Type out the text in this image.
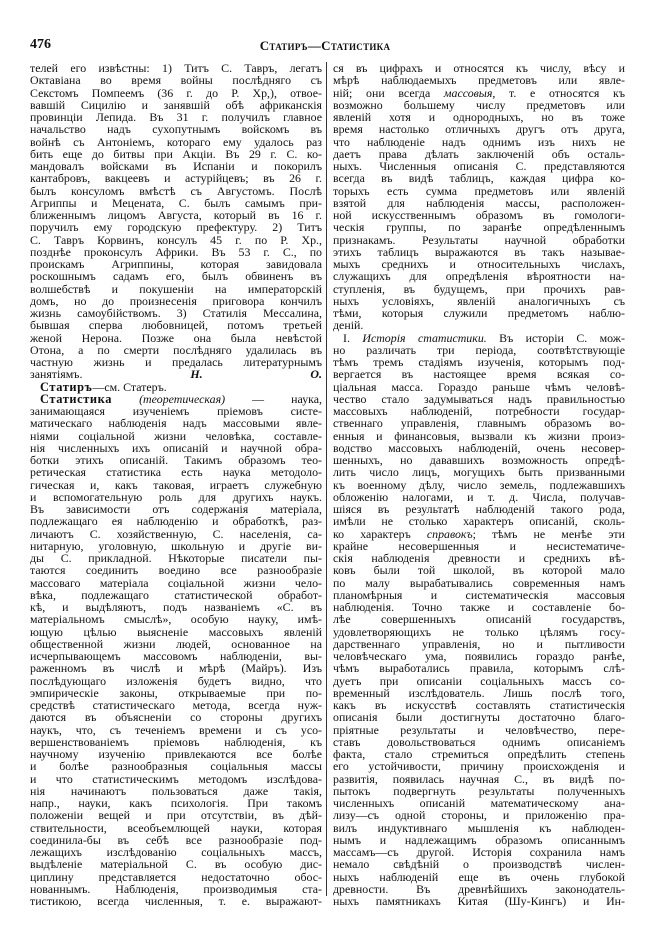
476	Статиръ—Статистика
телей его извѣстны: 1) Титъ С. Тавръ, легатъ
Октавіана во время войны послѣдняго съ
Секстомъ Помпеемъ (36 г. до Р. Хр,), отвое-
вавшій Сицилію и занявшій обѣ африканскія
провинціи Лепида. Въ 31 г. получилъ главное
начальство надъ сухопутнымъ войскомъ въ
войнѣ съ Антоніемъ, котораго ему удалось раз
бить еще до битвы при Акціи. Въ 29 г. С. ко-
мандовалъ войсками въ Испаніи и покорилъ
кантабровъ, вакцеевъ и астурійцевъ; въ 26 г.
былъ консуломъ вмѣстѣ съ Августомъ. Послѣ
Агриппы и Мецената, С. былъ самымъ при-
ближеннымъ лицомъ Августа, который въ 16 г.
поручилъ ему городскую префектуру. 2) Титъ
С. Тавръ Корвинъ, консулъ 45 г. по Р. Хр.,
позднѣе проконсулъ Африки. Въ 53 г. С., по
проискамъ Агриппины, которая завидовала
роскошнымъ садамъ его, былъ обвиненъ въ
волшебствѣ и покушеніи на императорскій
домъ, но до произнесенія приговора кончилъ
жизнь самоубійствомъ. 3) Статилія Мессалина,
бывшая сперва любовницей, потомъ третьей
женой Нерона. Позже она была невѣстой
Отона, а по смерти послѣдняго удалилась въ
частную жизнь и предалась литературнымъ
занятіямъ.	Н. О.
Статиръ—см. Статеръ.
Статистика (теоретическая) — наука,
занимающаяся изученіемъ пріемовъ систе-
матическаго наблюденія надъ массовыми явле-
ніями соціальной жизни человѣка, составле-
нія численныхъ ихъ описаній и научной обра-
ботки этихъ описаній. Такимъ образомъ тео-
ретическая статистика есть наука методоло-
гическая и, какъ таковая, играетъ служебную
и вспомогательную роль для другихъ наукъ.
Въ зависимости отъ содержанія матеріала,
подлежащаго ея наблюденію и обработкѣ, раз-
личаютъ С. хозяйственную, С. населенія, са-
нитарную, уголовную, школьную и другіе ви-
ды С. прикладной. Нѣкоторые писатели пы-
таются соединить воедино все разнообразіе
массоваго матеріала соціальной жизни чело-
вѣка, подлежащаго статистической обработ-
кѣ, и выдѣляютъ, подъ названіемъ «С. въ
матеріальномъ смыслѣ», особую науку, имѣ-
ющую цѣлью выясненіе массовыхъ явленій
общественной жизни людей, основанное на
исчерпывающемъ массовомъ наблюденіи, вы-
раженномъ въ числѣ и мѣрѣ (Майръ). Изъ
послѣдующаго изложенія будетъ видно, что
эмпирическіе законы, открываемые при по-
средствѣ статистическаго метода, всегда нуж-
даются въ объясненіи со стороны другихъ
наукъ, что, съ теченіемъ времени и съ усо-
вершенствованіемъ пріемовъ наблюденія, къ
научному изученію привлекаются все болѣе
и болѣе разнообразныя соціальныя массы
и что статистическимъ методомъ изслѣдова-
нія начинаютъ пользоваться даже такія,
напр., науки, какъ психологія. При такомъ
положеніи вещей и при отсутствіи, въ дѣй-
ствительности, всеобъемлющей науки, которая
соединила-бы въ себѣ все разнообразіе под-
лежащихъ изслѣдованію соціальныхъ массъ,
выдѣленіе матеріальной С. въ особую дис-
циплину представляется недостаточно обос-
нованнымъ. Наблюденія, производимыя ста-
тистикою, всегда численныя, т. е. выражают-
ся въ цифрахъ и относятся къ числу, вѣсу и
мѣрѣ наблюдаемыхъ предметовъ или явле-
ній; они всегда массовыя, т. е относятся къ
возможно большему числу предметовъ или
явленій хотя и однородныхъ, но въ тоже
время настолько отличныхъ другъ отъ друга,
что наблюденіе надъ однимъ изъ нихъ не
даетъ права дѣлать заключеній объ осталь-
ныхъ. Численныя описанія С. представляются
всегда въ видѣ таблицъ, каждая цифра ко-
торыхъ есть сумма предметовъ или явленій
взятой для наблюденія массы, расположен-
ной искусственнымъ образомъ въ гомологи-
ческія группы, по заранѣе опредѣленнымъ
признакамъ. Результаты научной обработки
этихъ таблицъ выражаются въ такъ называе-
мыхъ среднихъ и относительныхъ числахъ,
служащихъ для опредѣленія вѣроятности на-
ступленія, въ будущемъ, при прочихъ рав-
ныхъ условіяхъ, явленій аналогичныхъ съ
тѣми, которыя служили предметомъ наблю-
деній.
I. Исторія статистики. Въ исторіи С. мож-
но различать три періода, соотвѣтствующіе
тѣмъ тремъ стадіямъ изученія, которымъ под-
вергается въ настоящее время всякая со-
ціальная масса. Гораздо раньше чѣмъ человѣ-
чество стало задумываться надъ правильностью
массовыхъ наблюденій, потребности государ-
ственнаго управленія, главнымъ образомъ во-
енныя и финансовыя, вызвали къ жизни произ-
водство массовыхъ наблюденій, очень несовер-
шенныхъ, но дававшихъ возможность опредѣ-
лить число лицъ, могущихъ быть призванными
къ военному дѣлу, число земель, подлежавшихъ
обложенію налогами, и т. д. Числа, получав-
шіяся въ результатѣ наблюденій такого рода,
имѣли не столько характеръ описаній, сколь-
ко характеръ справокъ; тѣмъ не менѣе эти
крайне несовершенныя и несистематиче-
скія наблюденія древности и среднихъ вѣ-
ковъ были той школой, въ которой мало
по малу вырабатывались современныя намъ
планомѣрныя и систематическія массовыя
наблюденія. Точно также и составленіе бо-
лѣе совершенныхъ описаній государствъ,
удовлетворяющихъ не только цѣлямъ госу-
дарственнаго управленія, но и пытливости
человѣческаго ума, появились гораздо ранѣе,
чѣмъ выработались правила, которымъ слѣ-
дуетъ при описаніи соціальныхъ массъ со-
временный изслѣдователь. Лишь послѣ того,
какъ въ искусствѣ составлять статистическія
описанія были достигнуты достаточно благо-
пріятные результаты и человѣчество, пере-
ставъ довольствоваться однимъ описаніемъ
факта, стало стремиться опредѣлить степень
его устойчивости, причину происхожденія и
развитія, появилась научная С., въ видѣ по-
пытокъ подвергнуть результаты полученныхъ
численныхъ описаній математическому ана-
лизу—съ одной стороны, и приложенію пра-
вилъ индуктивнаго мышленія къ наблюден-
нымъ и надлежащимъ образомъ описаннымъ
массамъ—съ другой. Исторія сохранила намъ
немало свѣдѣній о производствѣ числен-
ныхъ наблюденій еще въ очень глубокой
древности. Въ древнѣйшихъ законодатель-
ныхъ памятникахъ Китая (Шу-Кингъ) и Ин-
